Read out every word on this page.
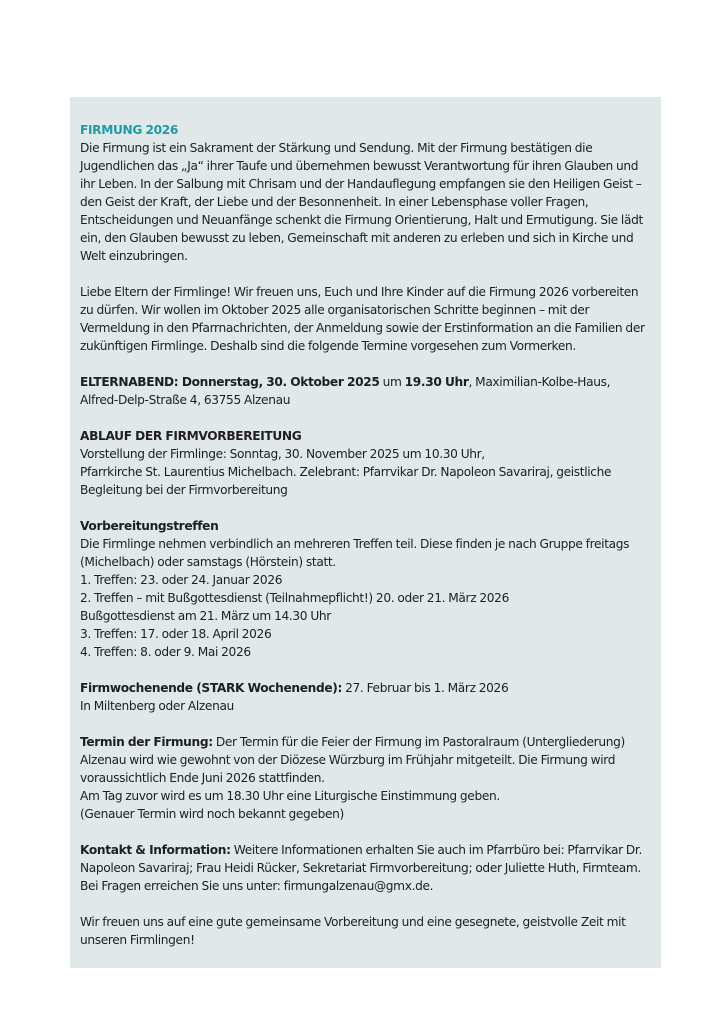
FIRMUNG 2026

Die Firmung ist ein Sakrament der Stärkung und Sendung. Mit der Firmung bestätigen die Jugendlichen das „Ja“ ihrer Taufe und übernehmen bewusst Verantwortung für ihren Glauben und ihr Leben. In der Salbung mit Chrisam und der Handauflegung empfangen sie den Heiligen Geist – den Geist der Kraft, der Liebe und der Besonnenheit. In einer Lebensphase voller Fragen, Entscheidungen und Neuanfänge schenkt die Firmung Orientierung, Halt und Ermutigung. Sie lädt ein, den Glauben bewusst zu leben, Gemeinschaft mit anderen zu erleben und sich in Kirche und Welt einzubringen.

Liebe Eltern der Firmlinge! Wir freuen uns, Euch und Ihre Kinder auf die Firmung 2026 vorbereiten zu dürfen. Wir wollen im Oktober 2025 alle organisatorischen Schritte beginnen – mit der Vermeldung in den Pfarrnachrichten, der Anmeldung sowie der Erstinformation an die Familien der zukünftigen Firmlinge. Deshalb sind die folgende Termine vorgesehen zum Vormerken.

ELTERNABEND: Donnerstag, 30. Oktober 2025 um 19.30 Uhr, Maximilian-Kolbe-Haus, Alfred-Delp-Straße 4, 63755 Alzenau

ABLAUF DER FIRMVORBEREITUNG

Vorstellung der Firmlinge: Sonntag, 30. November 2025 um 10.30 Uhr,

Pfarrkirche St. Laurentius Michelbach. Zelebrant: Pfarrvikar Dr. Napoleon Savariraj, geistliche Begleitung bei der Firmvorbereitung

Vorbereitungstreffen

Die Firmlinge nehmen verbindlich an mehreren Treffen teil. Diese finden je nach Gruppe freitags (Michelbach) oder samstags (Hörstein) statt.

1. Treffen: 23. oder 24. Januar 2026

2. Treffen – mit Bußgottesdienst (Teilnahmepflicht!) 20. oder 21. März 2026

Bußgottesdienst am 21. März um 14.30 Uhr

3. Treffen: 17. oder 18. April 2026

4. Treffen: 8. oder 9. Mai 2026

Firmwochenende (STARK Wochenende): 27. Februar bis 1. März 2026

In Miltenberg oder Alzenau

Termin der Firmung: Der Termin für die Feier der Firmung im Pastoralraum (Untergliederung) Alzenau wird wie gewohnt von der Diözese Würzburg im Frühjahr mitgeteilt. Die Firmung wird voraussichtlich Ende Juni 2026 stattfinden.

Am Tag zuvor wird es um 18.30 Uhr eine Liturgische Einstimmung geben.

(Genauer Termin wird noch bekannt gegeben)

Kontakt & Information: Weitere Informationen erhalten Sie auch im Pfarrbüro bei: Pfarrvikar Dr. Napoleon Savariraj; Frau Heidi Rücker, Sekretariat Firmvorbereitung; oder Juliette Huth, Firmteam. Bei Fragen erreichen Sie uns unter: firmungalzenau@gmx.de.

Wir freuen uns auf eine gute gemeinsame Vorbereitung und eine gesegnete, geistvolle Zeit mit unseren Firmlingen!
